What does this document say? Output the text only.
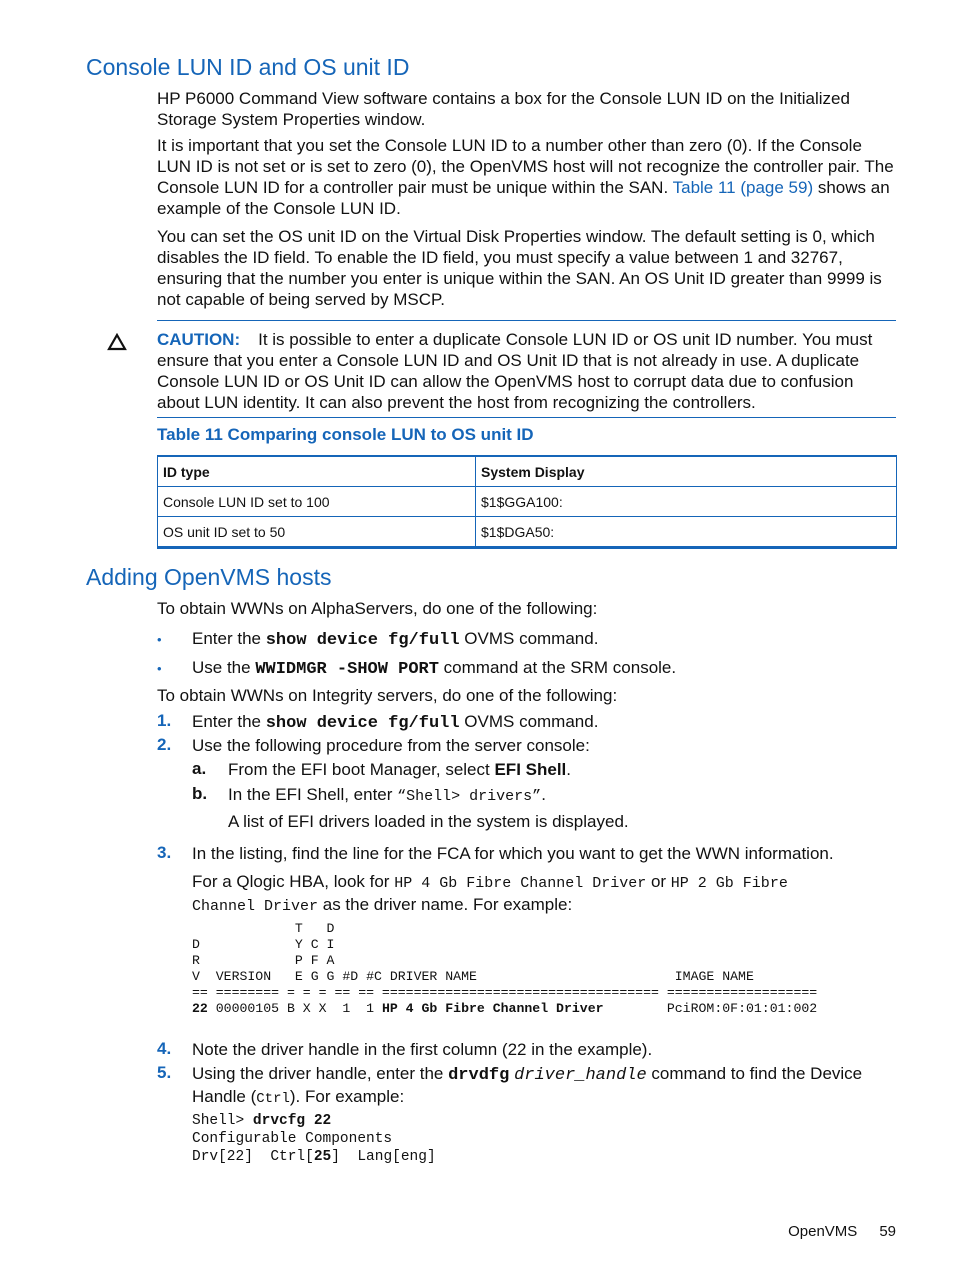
Console LUN ID and OS unit ID

HP P6000 Command View software contains a box for the Console LUN ID on the Initialized Storage System Properties window.

It is important that you set the Console LUN ID to a number other than zero (0). If the Console LUN ID is not set or is set to zero (0), the OpenVMS host will not recognize the controller pair. The Console LUN ID for a controller pair must be unique within the SAN. Table 11 (page 59) shows an example of the Console LUN ID.

You can set the OS unit ID on the Virtual Disk Properties window. The default setting is 0, which disables the ID field. To enable the ID field, you must specify a value between 1 and 32767, ensuring that the number you enter is unique within the SAN. An OS Unit ID greater than 9999 is not capable of being served by MSCP.

CAUTION: It is possible to enter a duplicate Console LUN ID or OS unit ID number. You must ensure that you enter a Console LUN ID and OS Unit ID that is not already in use. A duplicate Console LUN ID or OS Unit ID can allow the OpenVMS host to corrupt data due to confusion about LUN identity. It can also prevent the host from recognizing the controllers.

Table 11 Comparing console LUN to OS unit ID
ID type	System Display
Console LUN ID set to 100	$1$GGA100:
OS unit ID set to 50	$1$DGA50:
Adding OpenVMS hosts

To obtain WWNs on AlphaServers, do one of the following:

• Enter the show device fg/full OVMS command.
• Use the WWIDMGR -SHOW PORT command at the SRM console.

To obtain WWNs on Integrity servers, do one of the following:

1. Enter the show device fg/full OVMS command.
2. Use the following procedure from the server console:
a. From the EFI boot Manager, select EFI Shell.
b. In the EFI Shell, enter “Shell> drivers”.
A list of EFI drivers loaded in the system is displayed.
3. In the listing, find the line for the FCA for which you want to get the WWN information.
For a Qlogic HBA, look for HP 4 Gb Fibre Channel Driver or HP 2 Gb Fibre
Channel Driver as the driver name. For example:
T   D
D            Y C I
R            P F A
V  VERSION   E G G #D #C DRIVER NAME                         IMAGE NAME
== ======== = = = == == =================================== ===================
22 00000105 B X X  1  1 HP 4 Gb Fibre Channel Driver        PciROM:0F:01:01:002
4. Note the driver handle in the first column (22 in the example).
5. Using the driver handle, enter the drvdfg driver_handle command to find the Device
Handle (Ctrl). For example:
Shell> drvcfg 22
Configurable Components
Drv[22]  Ctrl[25]  Lang[eng]
OpenVMS 59
